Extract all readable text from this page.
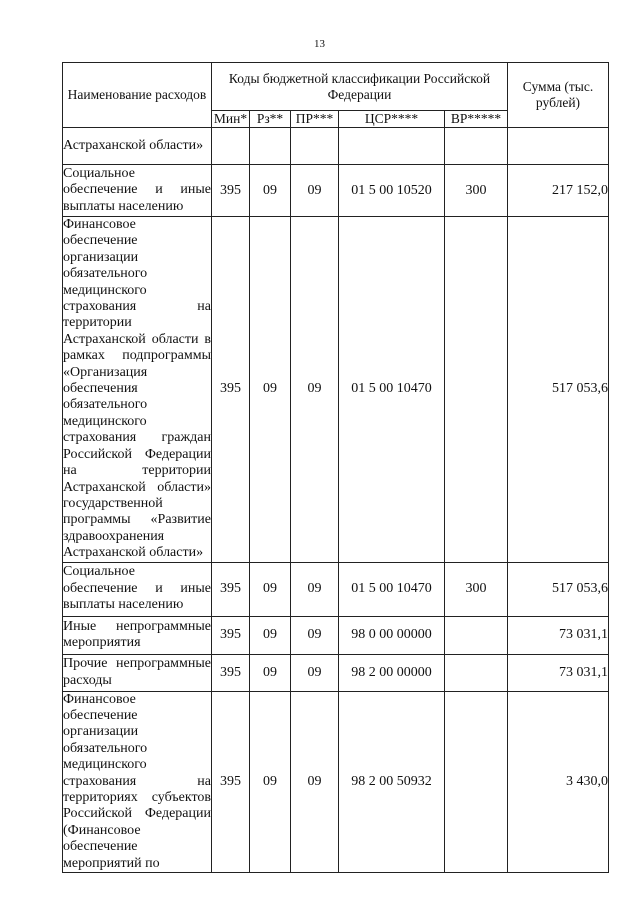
13
Наименование расходов	Коды бюджетной классификации Российской Федерации					Сумма (тыс. рублей)
	Мин*	Рз**	ПР***	ЦСР****	ВР*****	
Астраханской области»						
Социальное обеспечение и иные выплаты населению	395	09	09	01 5 00 10520	300	217 152,0
Финансовое обеспечение организации обязательного медицинского страхования на территории Астраханской области в рамках подпрограммы «Организация обеспечения обязательного медицинского страхования граждан Российской Федерации на территории Астраханской области» государственной программы «Развитие здравоохранения Астраханской области»	395	09	09	01 5 00 10470		517 053,6
Социальное обеспечение и иные выплаты населению	395	09	09	01 5 00 10470	300	517 053,6
Иные непрограммные мероприятия	395	09	09	98 0 00 00000		73 031,1
Прочие непрограммные расходы	395	09	09	98 2 00 00000		73 031,1
Финансовое обеспечение организации обязательного медицинского страхования на территориях субъектов Российской Федерации (Финансовое обеспечение мероприятий по	395	09	09	98 2 00 50932		3 430,0
